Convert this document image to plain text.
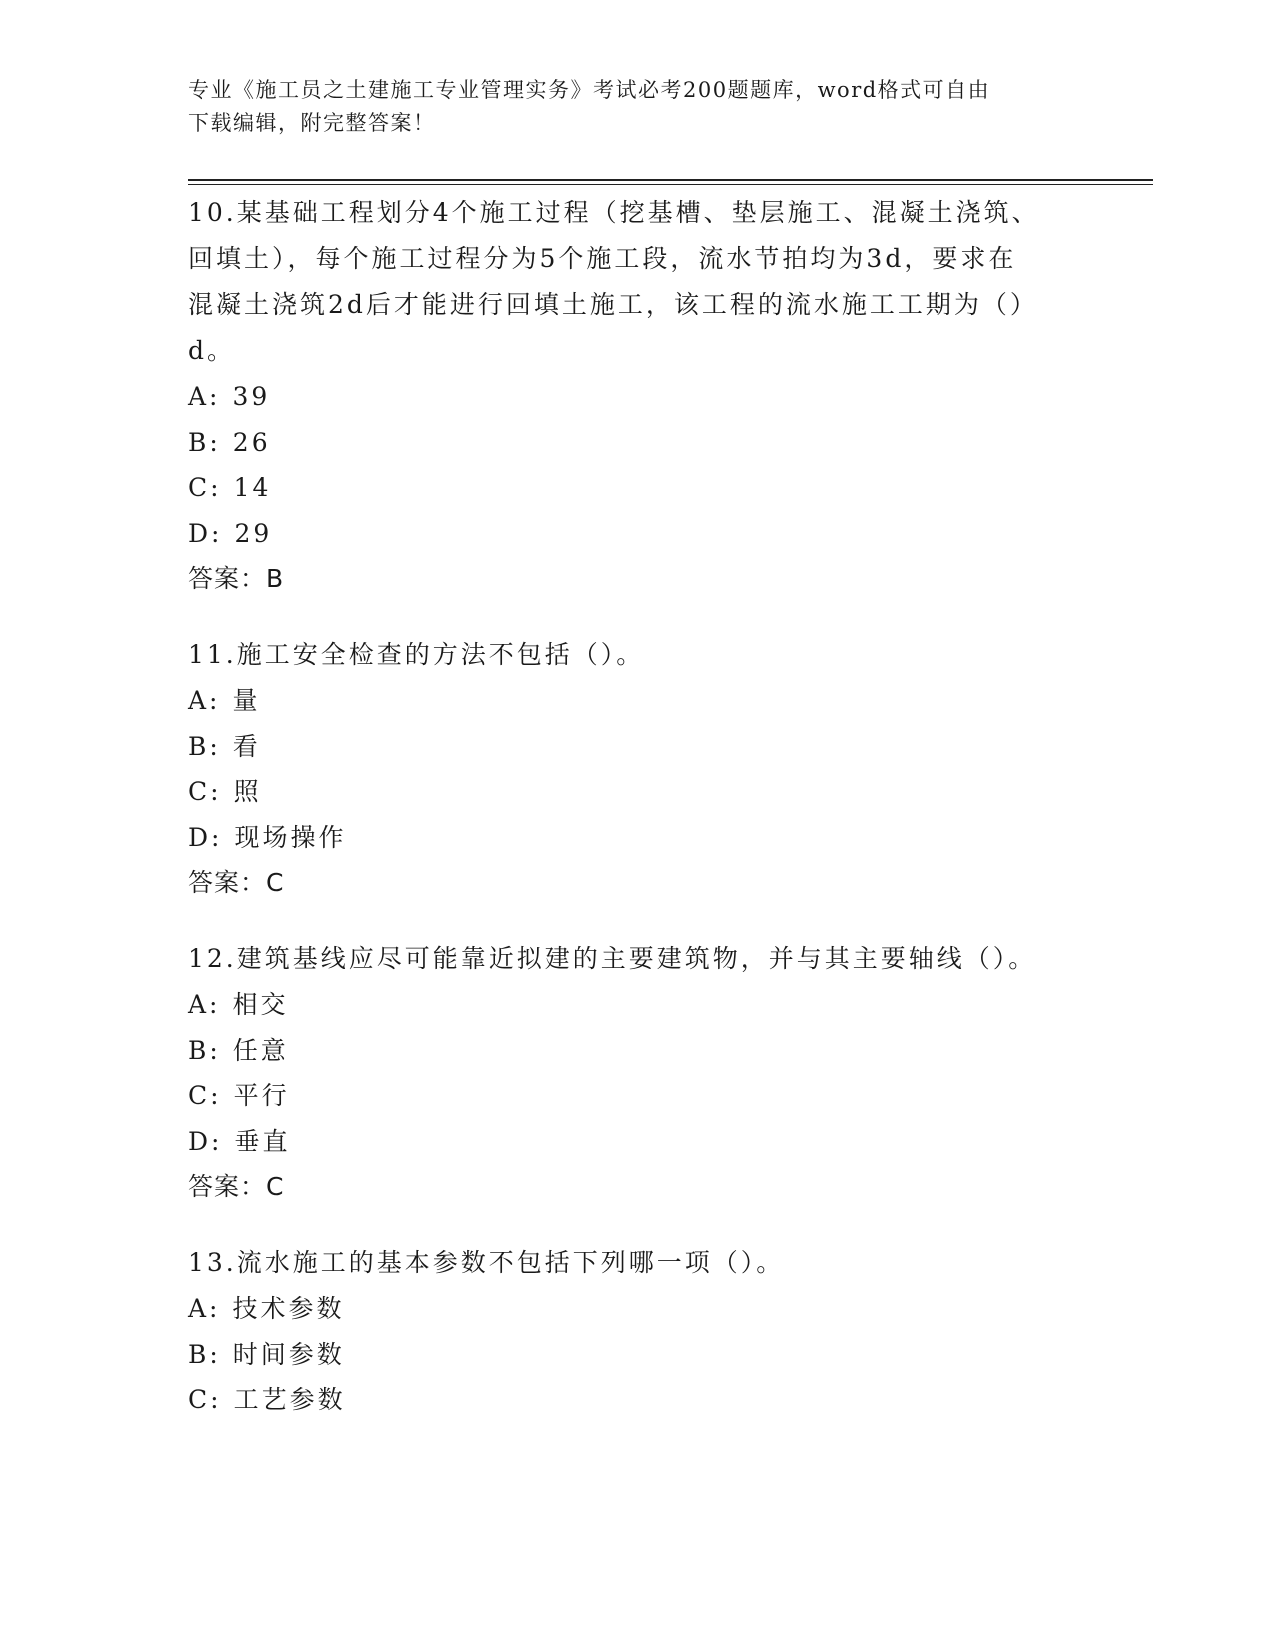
专业《施工员之土建施工专业管理实务》考试必考200题题库，word格式可自由
下载编辑，附完整答案！
10.某基础工程划分4个施工过程（挖基槽、垫层施工、混凝土浇筑、
回填土），每个施工过程分为5个施工段，流水节拍均为3d，要求在
混凝土浇筑2d后才能进行回填土施工，该工程的流水施工工期为（）
d。
A: 39
B: 26
C: 14
D: 29
答案：B
11.施工安全检查的方法不包括（）。
A: 量
B: 看
C: 照
D: 现场操作
答案：C
12.建筑基线应尽可能靠近拟建的主要建筑物，并与其主要轴线（）。
A: 相交
B: 任意
C: 平行
D: 垂直
答案：C
13.流水施工的基本参数不包括下列哪一项（）。
A: 技术参数
B: 时间参数
C: 工艺参数
